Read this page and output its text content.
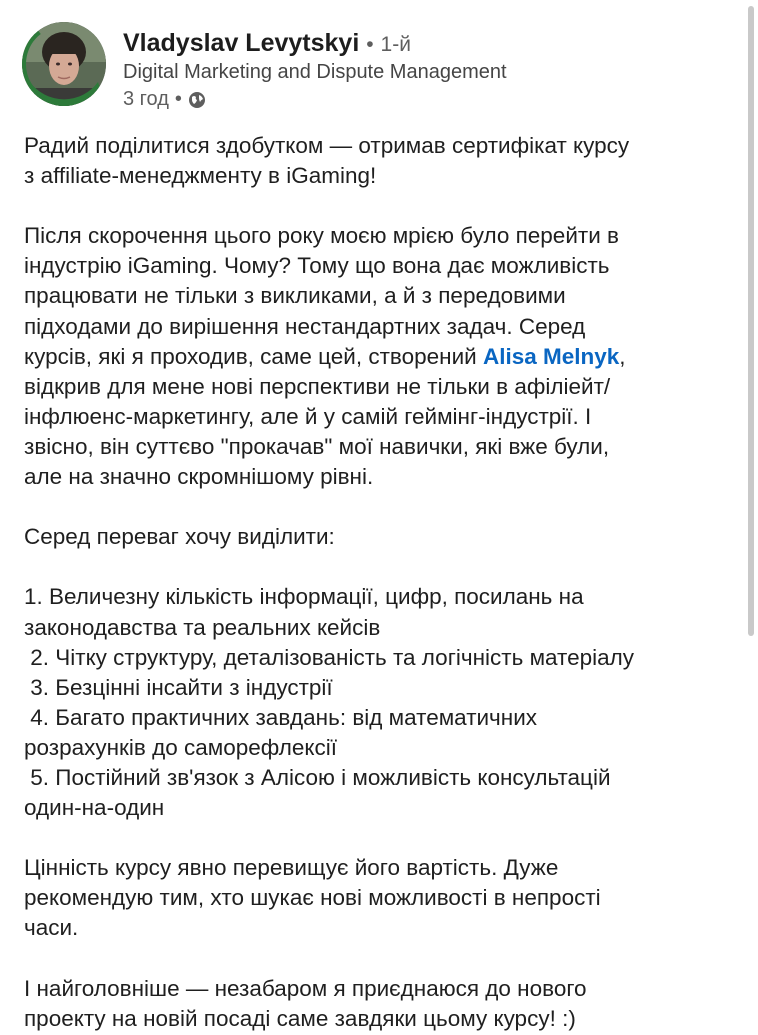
Vladyslav Levytskyi • 1-й
Digital Marketing and Dispute Management
3 год •

Радий поділитися здобутком — отримав сертифікат курсу

з affiliate-менеджменту в iGaming!

Після скорочення цього року моєю мрією було перейти в

індустрію iGaming. Чому? Тому що вона дає можливість

працювати не тільки з викликами, а й з передовими

підходами до вирішення нестандартних задач. Серед

курсів, які я проходив, саме цей, створений Alisa Melnyk,

відкрив для мене нові перспективи не тільки в афіліейт/

інфлюенс-маркетингу, але й у самій геймінг-індустрії. І

звісно, він суттєво "прокачав" мої навички, які вже були,

але на значно скромнішому рівні.

Серед переваг хочу виділити:

1. Величезну кількість інформації, цифр, посилань на

законодавства та реальних кейсів

2. Чітку структуру, деталізованість та логічність матеріалу

3. Безцінні інсайти з індустрії

4. Багато практичних завдань: від математичних

розрахунків до саморефлексії

5. Постійний зв'язок з Алісою і можливість консультацій

один-на-один

Цінність курсу явно перевищує його вартість. Дуже

рекомендую тим, хто шукає нові можливості в непрості

часи.

І найголовніше — незабаром я приєднаюся до нового

проекту на новій посаді саме завдяки цьому курсу! :)
